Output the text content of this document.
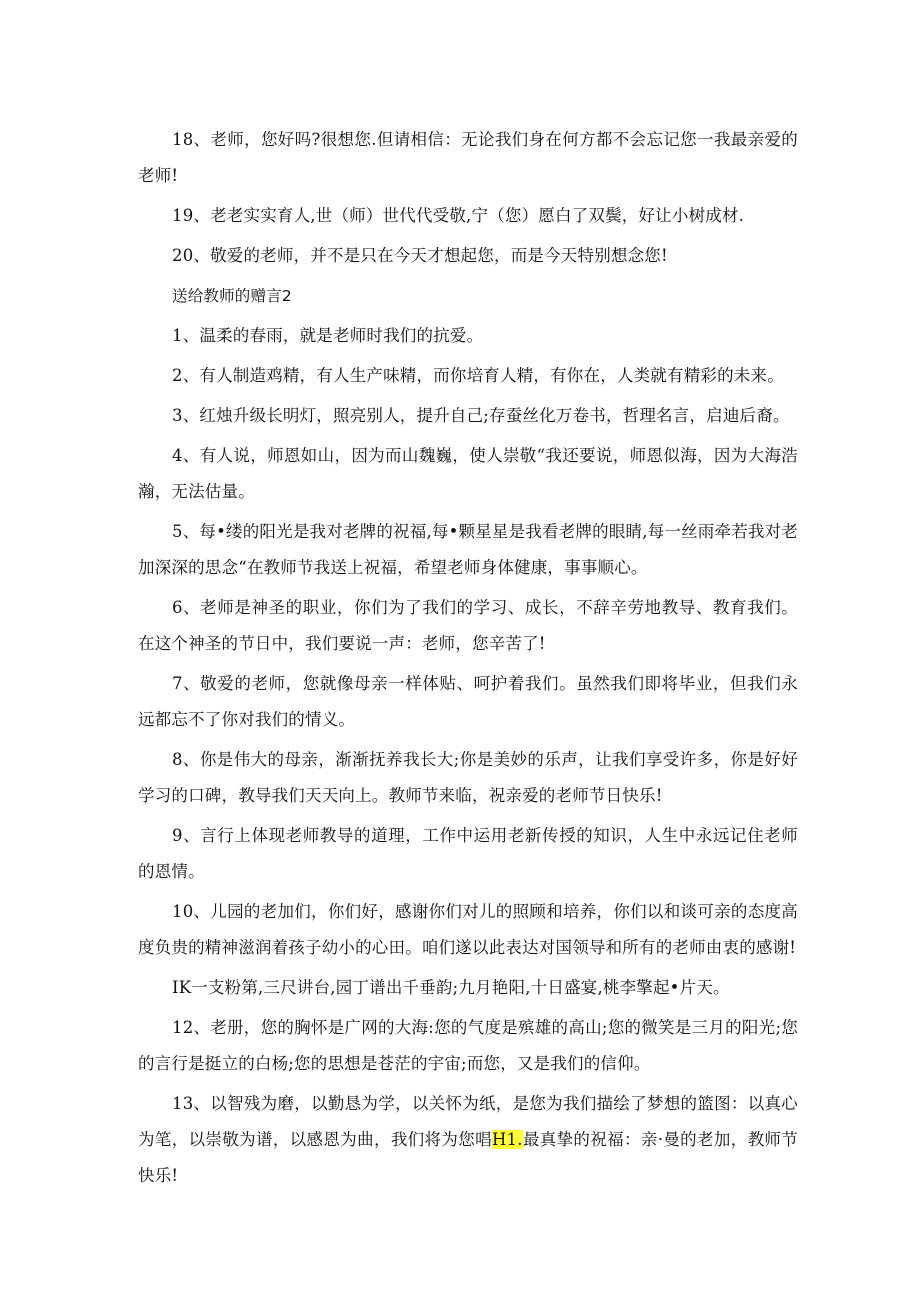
18、老师，您好吗?很想您.但请相信：无论我们身在何方都不会忘记您一我最亲爱的老师!

19、老老实实育人,世（师）世代代受敬,宁（您）愿白了双鬓，好让小树成材.

20、敬爱的老师，并不是只在今天才想起您，而是今天特别想念您!

送给教师的赠言2

1、温柔的春雨，就是老师时我们的抗爱。

2、有人制造鸡精，有人生产味精，而你培育人精，有你在，人类就有精彩的未来。

3、红烛升级长明灯，照亮别人，提升自己;存蚕丝化万卷书，哲理名言，启迪后裔。

4、有人说，师恩如山，因为而山魏巍，使人崇敬“我还要说，师恩似海，因为大海浩瀚，无法估量。

5、每•缕的阳光是我对老牌的祝福,每•颗星星是我看老牌的眼睛,每一丝雨牵若我对老加深深的思念“在教师节我送上祝福，希望老师身体健康，事事顺心。

6、老师是神圣的职业，你们为了我们的学习、成长，不辞辛劳地教导、教育我们。在这个神圣的节日中，我们要说一声：老师，您辛苦了!

7、敬爱的老师，您就像母亲一样体贴、呵护着我们。虽然我们即将毕业，但我们永远都忘不了你对我们的情义。

8、你是伟大的母亲，渐渐抚养我长大;你是美妙的乐声，让我们享受许多，你是好好学习的口碑，教导我们天天向上。教师节来临，祝亲爱的老师节日快乐!

9、言行上体现老师教导的道理，工作中运用老新传授的知识，人生中永远记住老师的恩情。

10、儿园的老加们，你们好，感谢你们对儿的照顾和培养，你们以和谈可亲的态度高度负贵的精神滋润着孩子幼小的心田。咱们遂以此表达对国领导和所有的老师由衷的感谢!

IK一支粉第,三尺讲台,园丁谱出千垂韵;九月艳阳,十日盛宴,桃李擎起•片天。

12、老册，您的胸怀是广网的大海:您的气度是殡雄的高山;您的微笑是三月的阳光;您的言行是挺立的白杨;您的思想是苍茫的宇宙;而您，又是我们的信仰。

13、以智残为磨，以勤恳为学，以关怀为纸，是您为我们描绘了梦想的篮图：以真心为笔，以崇敬为谱，以感恩为曲，我们将为您唱H1.最真挚的祝福：亲·曼的老加，教师节快乐!
